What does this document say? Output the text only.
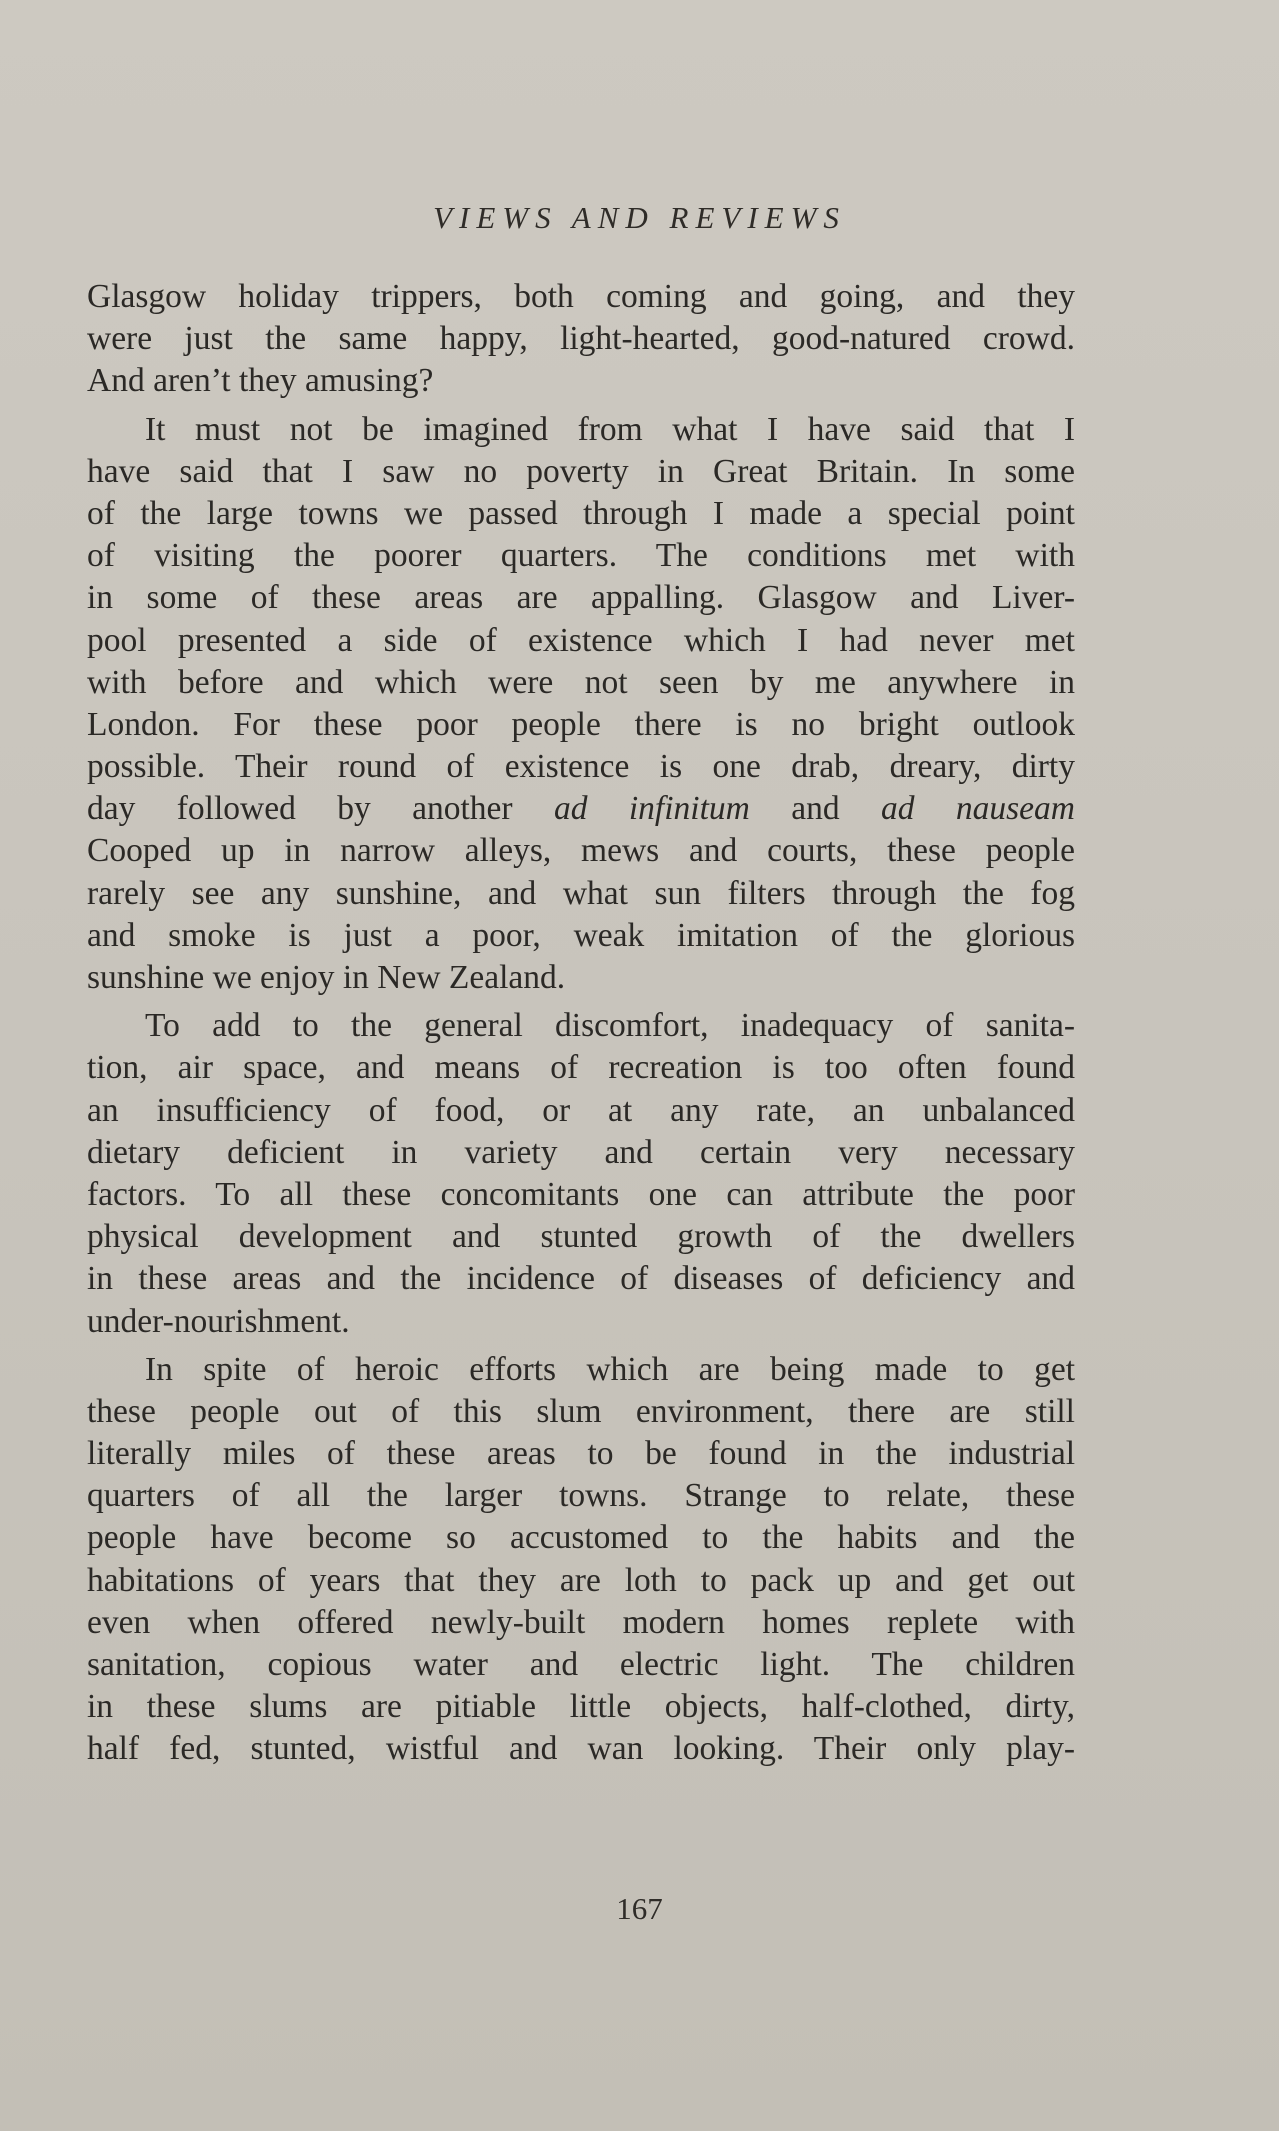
VIEWS AND REVIEWS

Glasgow holiday trippers, both coming and going, and they
were just the same happy, light-hearted, good-natured crowd.
And aren’t they amusing?

It must not be imagined from what I have said that I
have said that I saw no poverty in Great Britain. In some
of the large towns we passed through I made a special point
of visiting the poorer quarters. The conditions met with
in some of these areas are appalling. Glasgow and Liver-
pool presented a side of existence which I had never met
with before and which were not seen by me anywhere in
London. For these poor people there is no bright outlook
possible. Their round of existence is one drab, dreary, dirty
day followed by another ad infinitum and ad nauseam
Cooped up in narrow alleys, mews and courts, these people
rarely see any sunshine, and what sun filters through the fog
and smoke is just a poor, weak imitation of the glorious
sunshine we enjoy in New Zealand.

To add to the general discomfort, inadequacy of sanita-
tion, air space, and means of recreation is too often found
an insufficiency of food, or at any rate, an unbalanced
dietary deficient in variety and certain very necessary
factors. To all these concomitants one can attribute the poor
physical development and stunted growth of the dwellers
in these areas and the incidence of diseases of deficiency and
under-nourishment.

In spite of heroic efforts which are being made to get
these people out of this slum environment, there are still
literally miles of these areas to be found in the industrial
quarters of all the larger towns. Strange to relate, these
people have become so accustomed to the habits and the
habitations of years that they are loth to pack up and get out
even when offered newly-built modern homes replete with
sanitation, copious water and electric light. The children
in these slums are pitiable little objects, half-clothed, dirty,
half fed, stunted, wistful and wan looking. Their only play-

167
